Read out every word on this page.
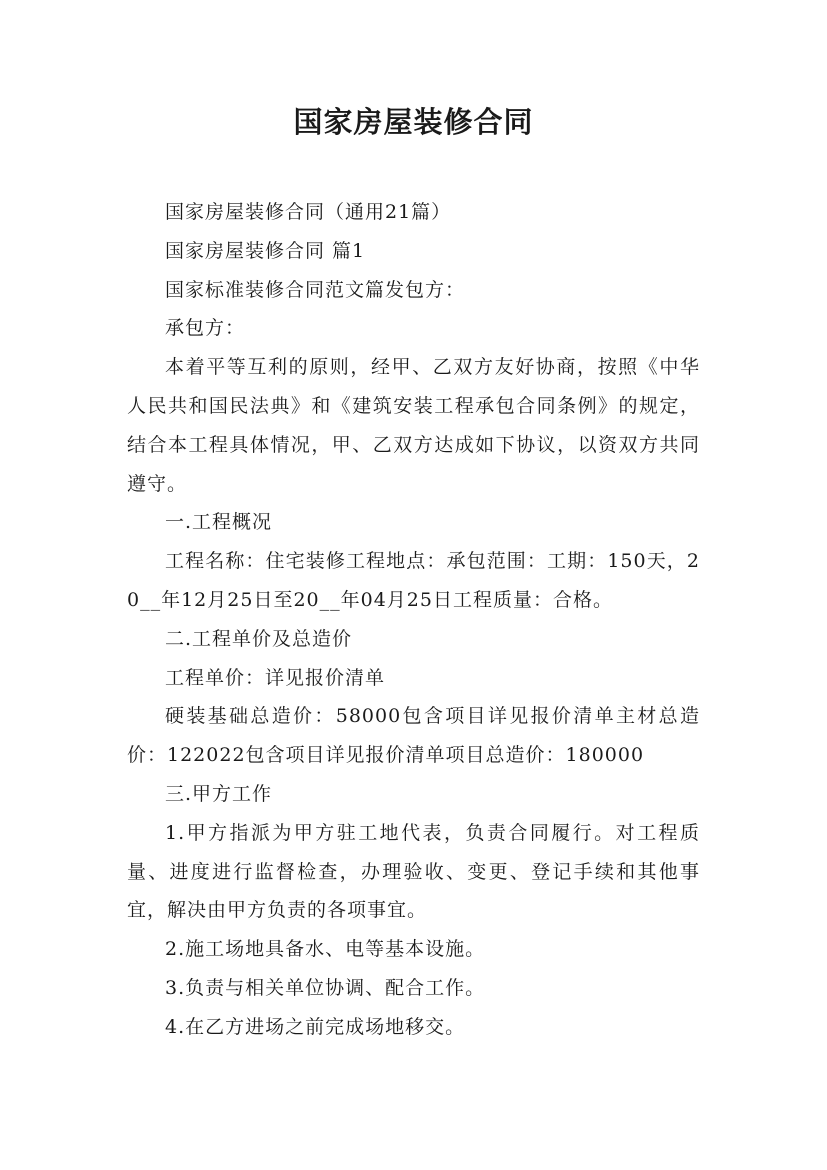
国家房屋装修合同

国家房屋装修合同（通用21篇）

国家房屋装修合同 篇1

国家标准装修合同范文篇发包方：

承包方：

本着平等互利的原则，经甲、乙双方友好协商，按照《中华人民共和国民法典》和《建筑安装工程承包合同条例》的规定，结合本工程具体情况，甲、乙双方达成如下协议，以资双方共同遵守。

一.工程概况

工程名称：住宅装修工程地点：承包范围：工期：150天，20__年12月25日至20__年04月25日工程质量：合格。

二.工程单价及总造价

工程单价：详见报价清单

硬装基础总造价：58000包含项目详见报价清单主材总造价：122022包含项目详见报价清单项目总造价：180000

三.甲方工作

1.甲方指派为甲方驻工地代表，负责合同履行。对工程质量、进度进行监督检查，办理验收、变更、登记手续和其他事宜，解决由甲方负责的各项事宜。

2.施工场地具备水、电等基本设施。

3.负责与相关单位协调、配合工作。

4.在乙方进场之前完成场地移交。
